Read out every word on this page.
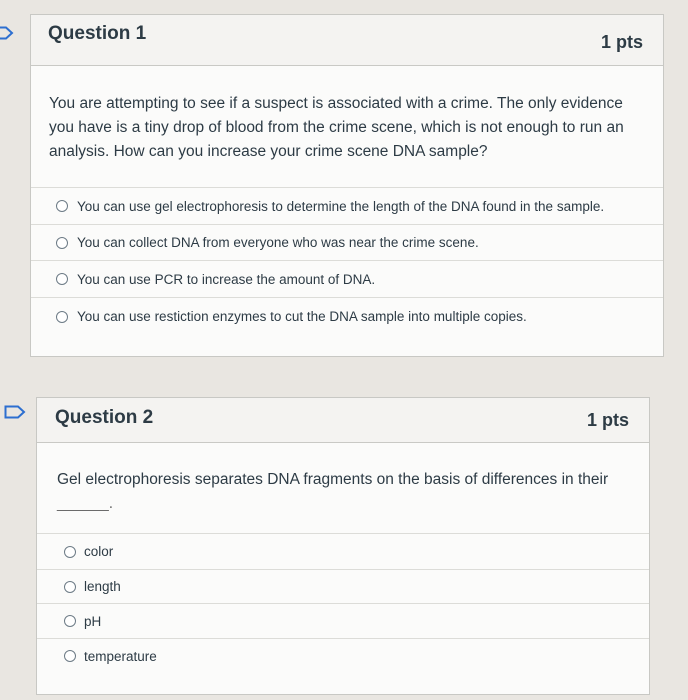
Question 1	1 pts
You are attempting to see if a suspect is associated with a crime. The only evidence you have is a tiny drop of blood from the crime scene, which is not enough to run an analysis. How can you increase your crime scene DNA sample?
You can use gel electrophoresis to determine the length of the DNA found in the sample.
You can collect DNA from everyone who was near the crime scene.
You can use PCR to increase the amount of DNA.
You can use restiction enzymes to cut the DNA sample into multiple copies.
Question 2	1 pts
Gel electrophoresis separates DNA fragments on the basis of differences in their
______.
color
length
pH
temperature
